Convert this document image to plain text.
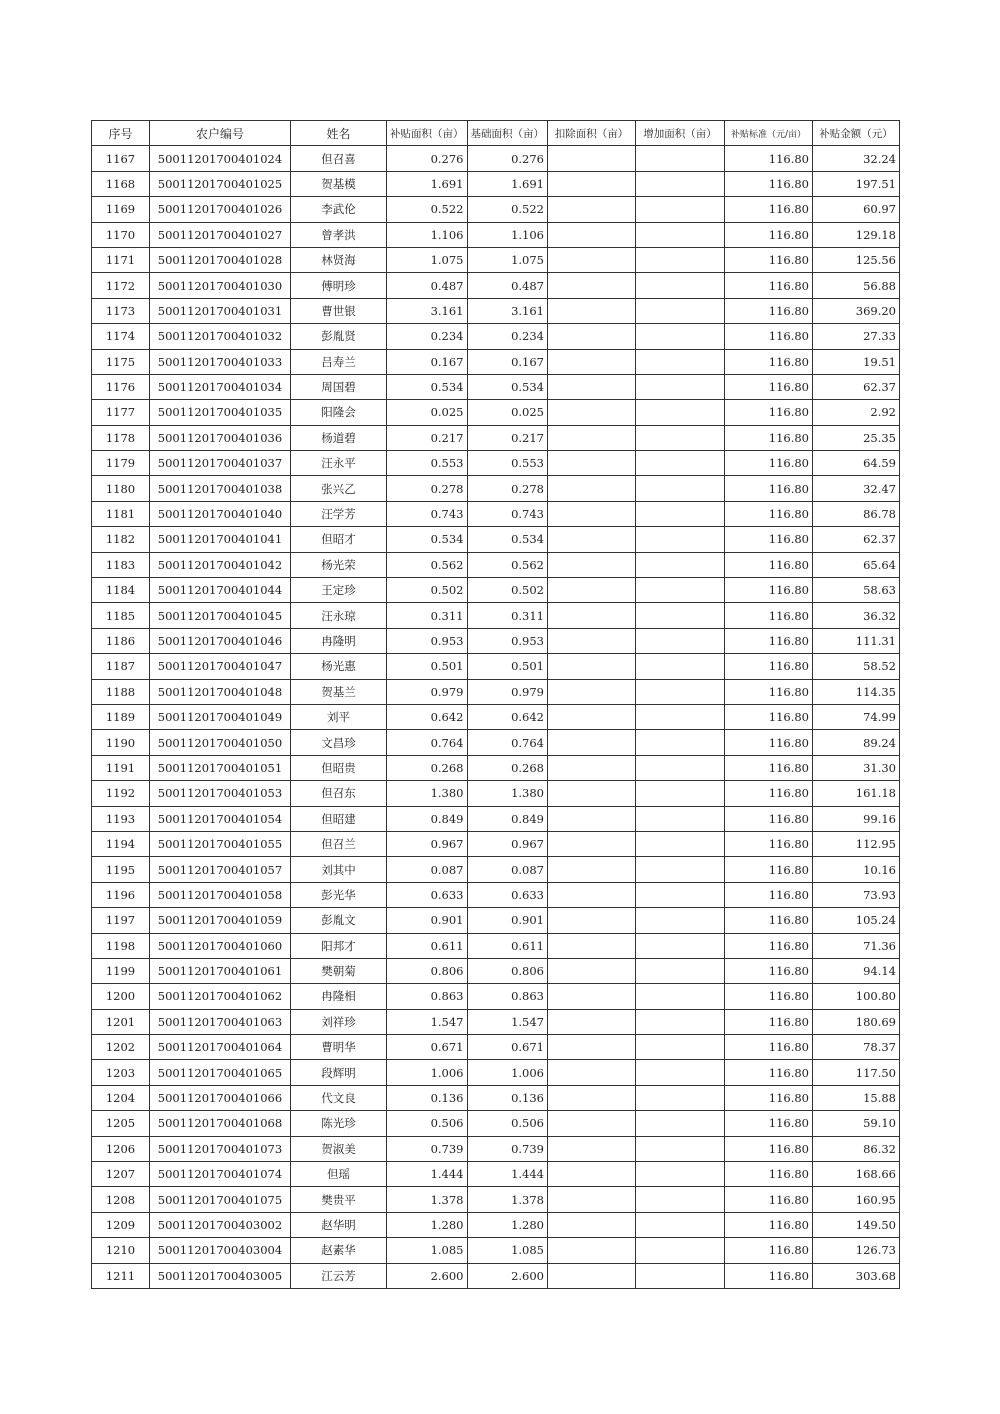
序号	农户编号	姓名	补贴面积（亩）	基础面积（亩）	扣除面积（亩）	增加面积（亩）	补贴标准（元/亩）	补贴金额（元）
1167	500112017004010​24	但召喜	0.276	0.276			116.80	32.24
1168	50011201700401025	贺基模	1.691	1.691			116.80	197.51
1169	50011201700401026	李武伦	0.522	0.522			116.80	60.97
1170	50011201700401027	曾孝洪	1.106	1.106			116.80	129.18
1171	50011201700401028	林贤海	1.075	1.075			116.80	125.56
1172	50011201700401030	傅明珍	0.487	0.487			116.80	56.88
1173	50011201700401031	曹世银	3.161	3.161			116.80	369.20
1174	50011201700401032	彭胤贤	0.234	0.234			116.80	27.33
1175	50011201700401033	吕寿兰	0.167	0.167			116.80	19.51
1176	50011201700401034	周国碧	0.534	0.534			116.80	62.37
1177	50011201700401035	阳隆会	0.025	0.025			116.80	2.92
1178	50011201700401036	杨道碧	0.217	0.217			116.80	25.35
1179	50011201700401037	汪永平	0.553	0.553			116.80	64.59
1180	50011201700401038	张兴乙	0.278	0.278			116.80	32.47
1181	50011201700401040	汪学芳	0.743	0.743			116.80	86.78
1182	50011201700401041	但昭才	0.534	0.534			116.80	62.37
1183	50011201700401042	杨光荣	0.562	0.562			116.80	65.64
1184	50011201700401044	王定珍	0.502	0.502			116.80	58.63
1185	50011201700401045	汪永琼	0.311	0.311			116.80	36.32
1186	50011201700401046	冉隆明	0.953	0.953			116.80	111.31
1187	50011201700401047	杨光惠	0.501	0.501			116.80	58.52
1188	50011201700401048	贺基兰	0.979	0.979			116.80	114.35
1189	50011201700401049	刘平	0.642	0.642			116.80	74.99
1190	50011201700401050	文昌珍	0.764	0.764			116.80	89.24
1191	50011201700401051	但昭贵	0.268	0.268			116.80	31.30
1192	50011201700401053	但召东	1.380	1.380			116.80	161.18
1193	50011201700401054	但昭建	0.849	0.849			116.80	99.16
1194	50011201700401055	但召兰	0.967	0.967			116.80	112.95
1195	50011201700401057	刘其中	0.087	0.087			116.80	10.16
1196	50011201700401058	彭光华	0.633	0.633			116.80	73.93
1197	50011201700401059	彭胤文	0.901	0.901			116.80	105.24
1198	50011201700401060	阳邦才	0.611	0.611			116.80	71.36
1199	50011201700401061	樊朝菊	0.806	0.806			116.80	94.14
1200	50011201700401062	冉隆相	0.863	0.863			116.80	100.80
1201	50011201700401063	刘祥珍	1.547	1.547			116.80	180.69
1202	50011201700401064	曹明华	0.671	0.671			116.80	78.37
1203	50011201700401065	段辉明	1.006	1.006			116.80	117.50
1204	50011201700401066	代文良	0.136	0.136			116.80	15.88
1205	50011201700401068	陈光珍	0.506	0.506			116.80	59.10
1206	50011201700401073	贺淑美	0.739	0.739			116.80	86.32
1207	50011201700401074	但瑶	1.444	1.444			116.80	168.66
1208	50011201700401075	樊贵平	1.378	1.378			116.80	160.95
1209	50011201700403002	赵华明	1.280	1.280			116.80	149.50
1210	50011201700403004	赵素华	1.085	1.085			116.80	126.73
1211	50011201700403005	江云芳	2.600	2.600			116.80	303.68
